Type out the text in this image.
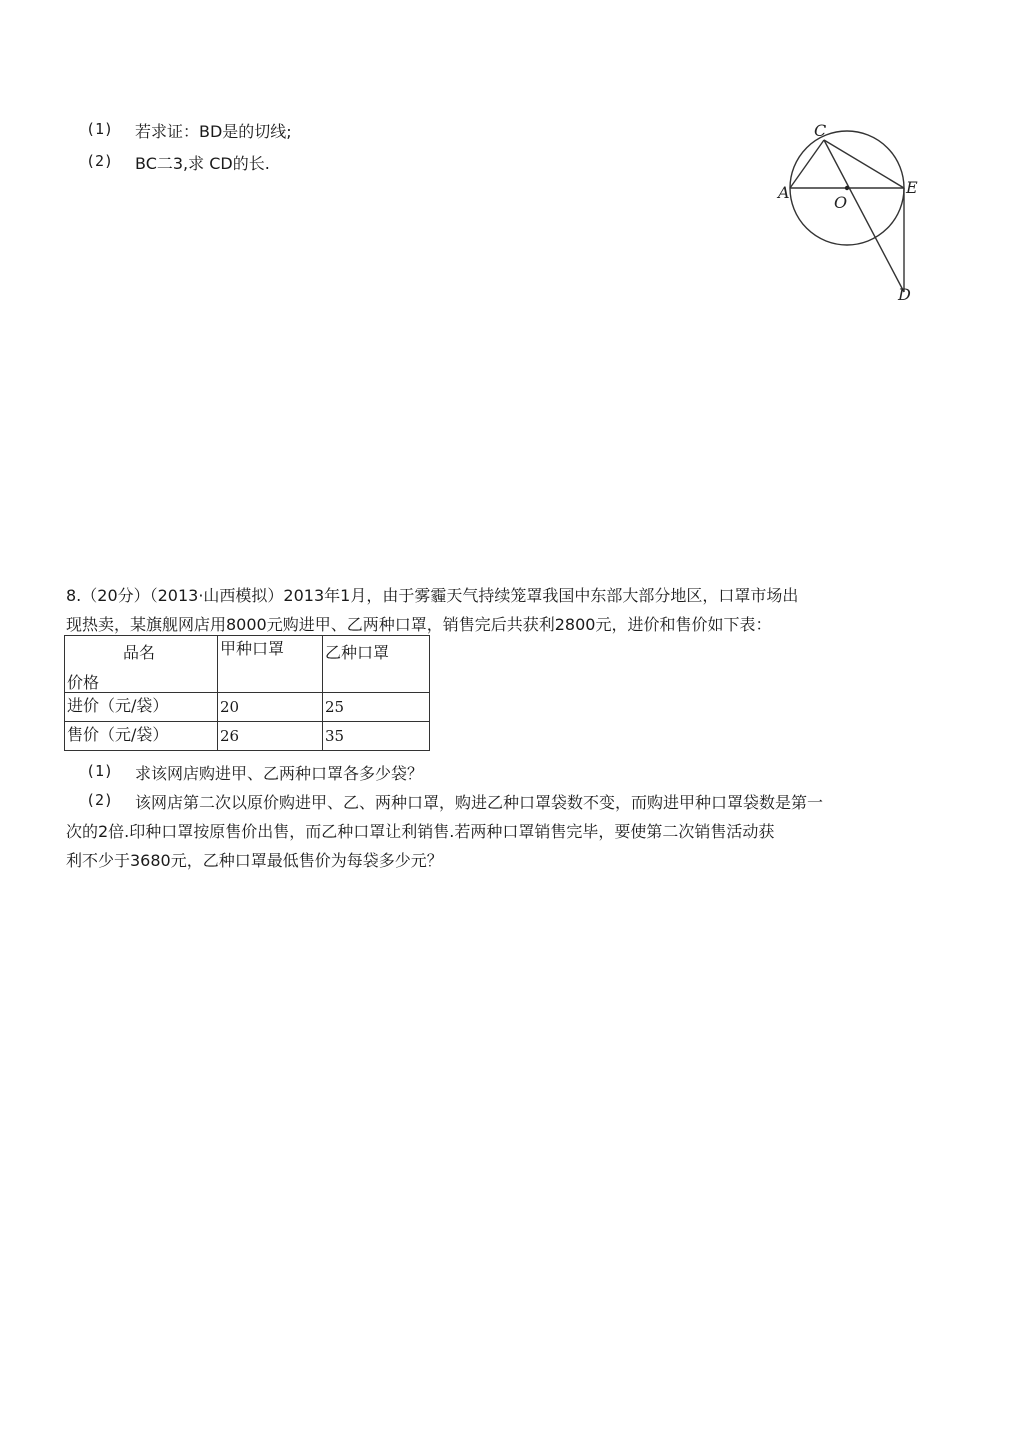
(1) 若求证：BD是的切线;
(2) BC二3,求 CD的长.
C
A
O
E
D
8.（20分）（2013·山西模拟）2013年1月，由于雾霾天气持续笼罩我国中东部大部分地区，口罩市场出
现热卖，某旗舰网店用8000元购进甲、乙两种口罩，销售完后共获利2800元，进价和售价如下表：
品名
价格	甲种口罩	乙种口罩
进价（元/袋）	20	25
售价（元/袋）	26	35
(1) 求该网店购进甲、乙两种口罩各多少袋？
(2) 该网店第二次以原价购进甲、乙、两种口罩，购进乙种口罩袋数不变，而购进甲种口罩袋数是第一
次的2倍.印种口罩按原售价出售，而乙种口罩让利销售.若两种口罩销售完毕，要使第二次销售活动获
利不少于3680元，乙种口罩最低售价为每袋多少元？
